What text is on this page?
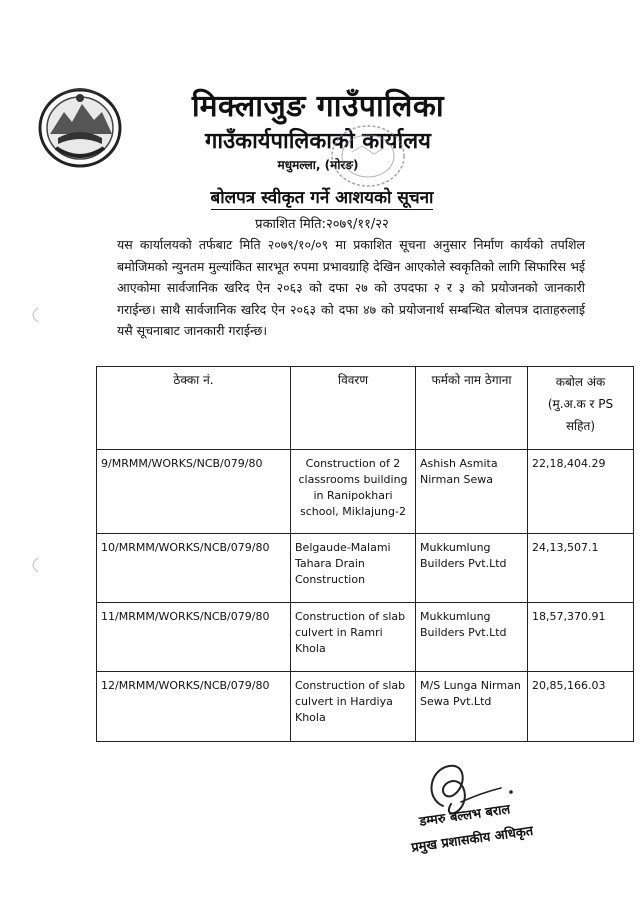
मिक्लाजुङ गाउँपालिका
गाउँकार्यपालिकाको कार्यालय
मधुमल्ला, (मोरङ)
बोलपत्र स्वीकृत गर्ने आशयको सूचना
प्रकाशित मिति:२०७९/११/२२
यस कार्यालयको तर्फबाट मिति २०७९/१०/०९ मा प्रकाशित सूचना अनुसार निर्माण कार्यको तपशिल बमोजिमको न्युनतम मुल्यांकित सारभूत रुपमा प्रभावग्राहि देखिन आएकोले स्वकृतिको लागि सिफारिस भई आएकोमा सार्वजानिक खरिद ऐन २०६३ को दफा २७ को उपदफा २ र ३ को प्रयोजनको जानकारी गराईन्छ। साथै सार्वजानिक खरिद ऐन २०६३ को दफा ४७ को प्रयोजनार्थ सम्बन्धित बोलपत्र दाताहरुलाई यसै सूचनाबाट जानकारी गराईन्छ।
ठेक्का नं.	विवरण	फर्मको नाम ठेगाना	कबोल अंक
(मु.अ.क र PS
सहित)

9/MRMM/WORKS/NCB/079/80	Construction of 2 classrooms building in Ranipokhari school, Miklajung-2	Ashish Asmita Nirman Sewa	22,18,404.29
10/MRMM/WORKS/NCB/079/80	Belgaude-Malami Tahara Drain Construction	Mukkumlung Builders Pvt.Ltd	24,13,507.1
11/MRMM/WORKS/NCB/079/80	Construction of slab culvert in Ramri Khola	Mukkumlung Builders Pvt.Ltd	18,57,370.91
12/MRMM/WORKS/NCB/079/80	Construction of slab culvert in Hardiya Khola	M/S Lunga Nirman Sewa Pvt.Ltd	20,85,166.03
डम्मरु बल्लभ बराल
प्रमुख प्रशासकीय अधिकृत
